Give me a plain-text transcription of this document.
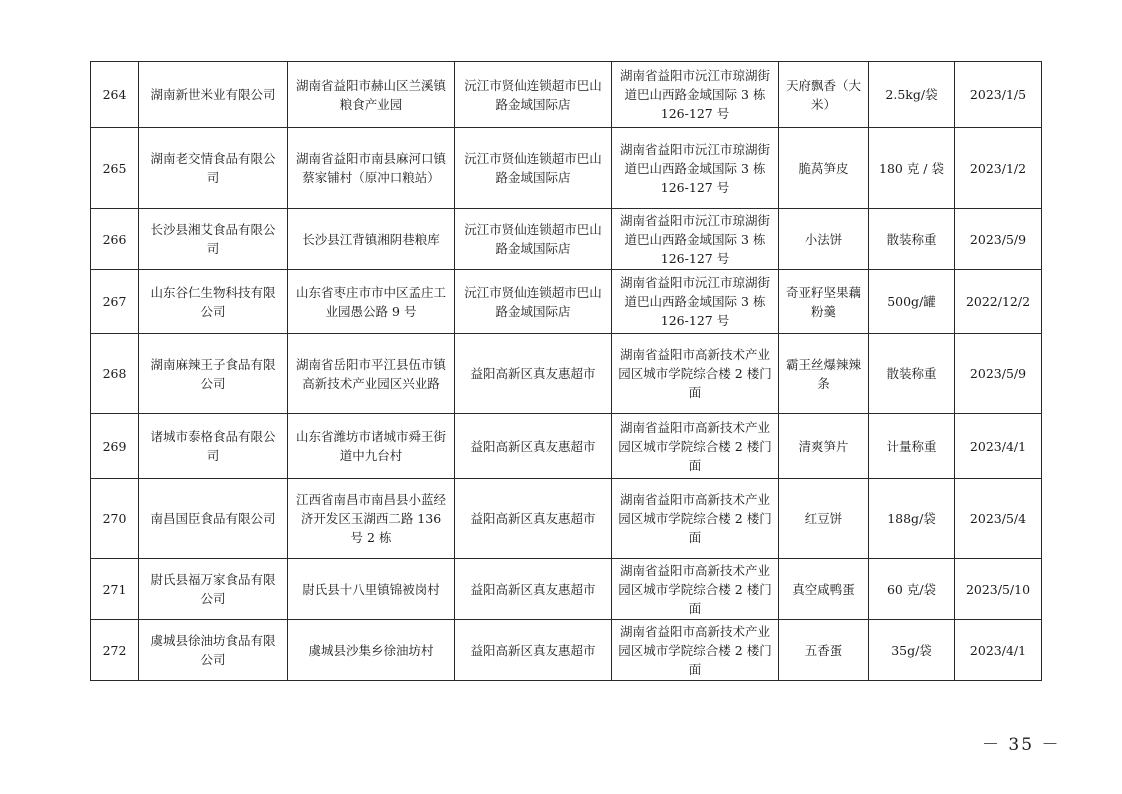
264	湖南新世米业有限公司	湖南省益阳市赫山区兰溪镇粮食产业园	沅江市贤仙连锁超市巴山路金域国际店	湖南省益阳市沅江市琼湖街道巴山西路金域国际 3 栋 126-127 号	天府飘香（大米）	2.5kg/袋	2023/1/5
265	湖南老交情食品有限公司	湖南省益阳市南县麻河口镇蔡家铺村（原冲口粮站）	沅江市贤仙连锁超市巴山路金域国际店	湖南省益阳市沅江市琼湖街道巴山西路金域国际 3 栋 126-127 号	脆莴笋皮	180 克 / 袋	2023/1/2
266	长沙县湘艾食品有限公司	长沙县江背镇湘阴巷粮库	沅江市贤仙连锁超市巴山路金域国际店	湖南省益阳市沅江市琼湖街道巴山西路金域国际 3 栋 126-127 号	小法饼	散装称重	2023/5/9
267	山东谷仁生物科技有限公司	山东省枣庄市市中区孟庄工业园愚公路 9 号	沅江市贤仙连锁超市巴山路金域国际店	湖南省益阳市沅江市琼湖街道巴山西路金域国际 3 栋 126-127 号	奇亚籽坚果藕粉羹	500g/罐	2022/12/2
268	湖南麻辣王子食品有限公司	湖南省岳阳市平江县伍市镇高新技术产业园区兴业路	益阳高新区真友惠超市	湖南省益阳市高新技术产业园区城市学院综合楼 2 楼门面	霸王丝爆辣辣条	散装称重	2023/5/9
269	诸城市泰格食品有限公司	山东省潍坊市诸城市舜王街道中九台村	益阳高新区真友惠超市	湖南省益阳市高新技术产业园区城市学院综合楼 2 楼门面	清爽笋片	计量称重	2023/4/1
270	南昌国臣食品有限公司	江西省南昌市南昌县小蓝经济开发区玉湖西二路 136 号 2 栋	益阳高新区真友惠超市	湖南省益阳市高新技术产业园区城市学院综合楼 2 楼门面	红豆饼	188g/袋	2023/5/4
271	尉氏县福万家食品有限公司	尉氏县十八里镇锦被岗村	益阳高新区真友惠超市	湖南省益阳市高新技术产业园区城市学院综合楼 2 楼门面	真空咸鸭蛋	60 克/袋	2023/5/10
272	虞城县徐油坊食品有限公司	虞城县沙集乡徐油坊村	益阳高新区真友惠超市	湖南省益阳市高新技术产业园区城市学院综合楼 2 楼门面	五香蛋	35g/袋	2023/4/1
－ 35 －
